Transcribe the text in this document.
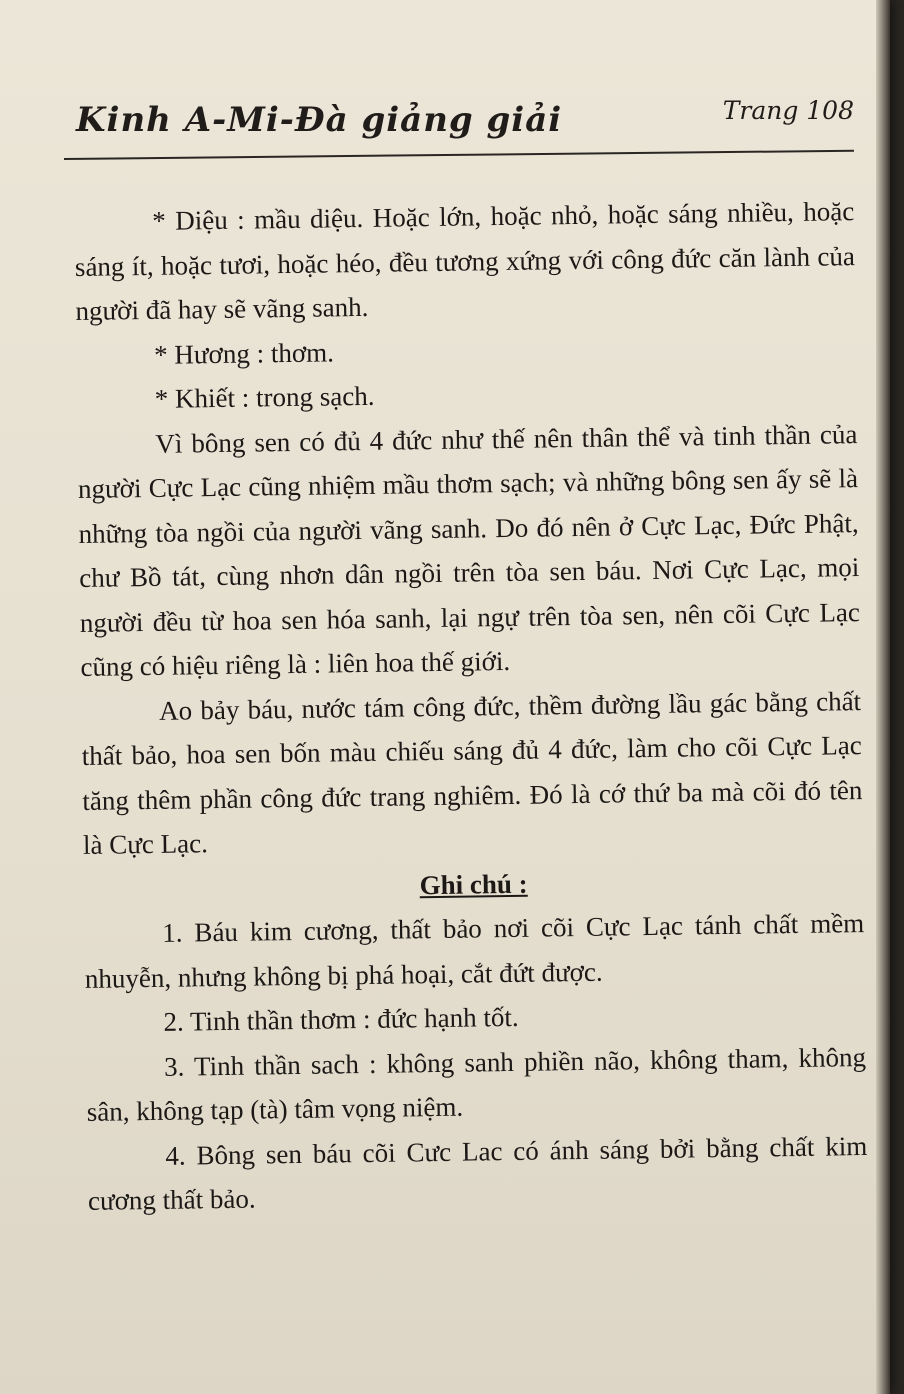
Kinh A-Mi-Đà giảng giải	Trang 108

* Diệu : mầu diệu. Hoặc lớn, hoặc nhỏ, hoặc sáng nhiều, hoặc sáng ít, hoặc tươi, hoặc héo, đều tương xứng với công đức căn lành của người đã hay sẽ vãng sanh.

* Hương : thơm.

* Khiết : trong sạch.

Vì bông sen có đủ 4 đức như thế nên thân thể và tinh thần của người Cực Lạc cũng nhiệm mầu thơm sạch; và những bông sen ấy sẽ là những tòa ngồi của người vãng sanh. Do đó nên ở Cực Lạc, Đức Phật, chư Bồ tát, cùng nhơn dân ngồi trên tòa sen báu. Nơi Cực Lạc, mọi người đều từ hoa sen hóa sanh, lại ngự trên tòa sen, nên cõi Cực Lạc cũng có hiệu riêng là : liên hoa thế giới.

Ao bảy báu, nước tám công đức, thềm đường lầu gác bằng chất thất bảo, hoa sen bốn màu chiếu sáng đủ 4 đức, làm cho cõi Cực Lạc tăng thêm phần công đức trang nghiêm. Đó là cớ thứ ba mà cõi đó tên là Cực Lạc.

Ghi chú :

1. Báu kim cương, thất bảo nơi cõi Cực Lạc tánh chất mềm nhuyễn, nhưng không bị phá hoại, cắt đứt được.

2. Tinh thần thơm : đức hạnh tốt.

3. Tinh thần sach : không sanh phiền não, không tham, không sân, không tạp (tà) tâm vọng niệm.

4. Bông sen báu cõi Cưc Lac có ánh sáng bởi bằng chất kim cương thất bảo.
